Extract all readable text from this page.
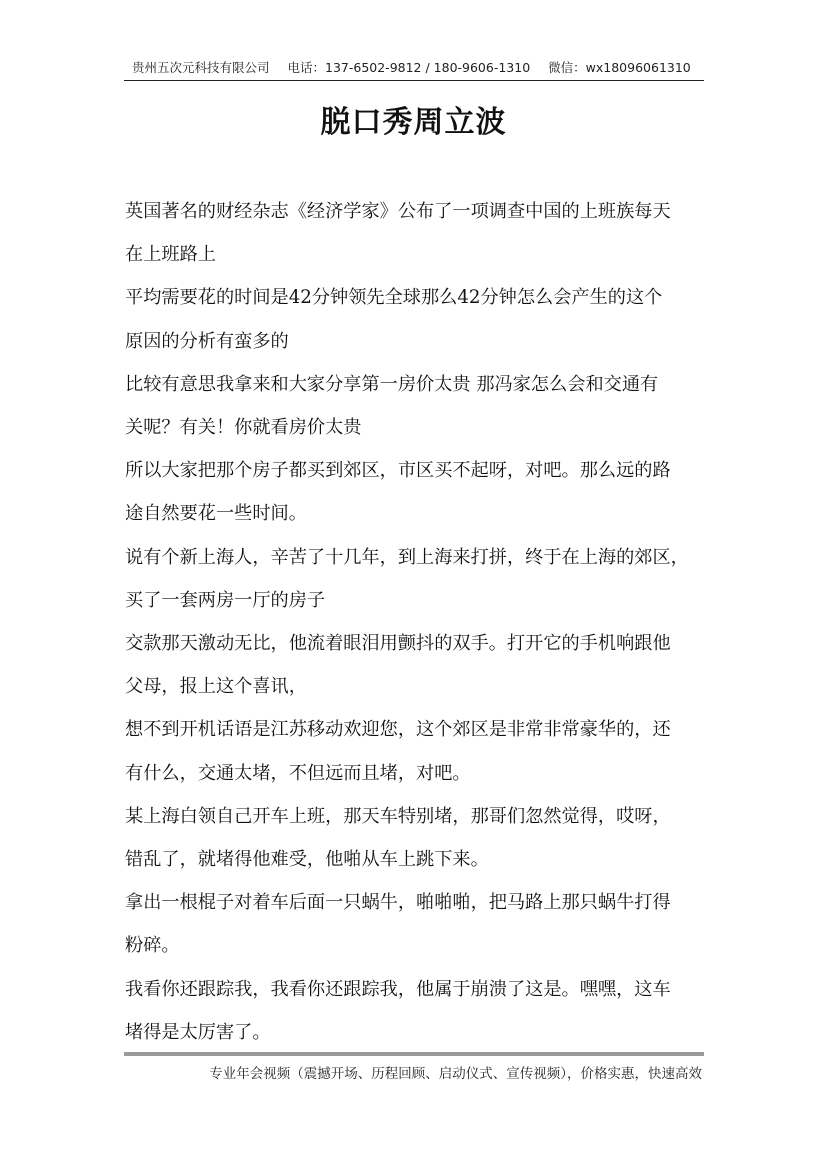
贵州五次元科技有限公司 电话：137-6502-9812 / 180-9606-1310 微信：wx18096061310
脱口秀周立波
英国著名的财经杂志《经济学家》公布了一项调查中国的上班族每天
在上班路上
平均需要花的时间是42分钟领先全球那么42分钟怎么会产生的这个
原因的分析有蛮多的
比较有意思我拿来和大家分享第一房价太贵 那冯家怎么会和交通有
关呢？有关！你就看房价太贵
所以大家把那个房子都买到郊区，市区买不起呀，对吧。那么远的路
途自然要花一些时间。
说有个新上海人，辛苦了十几年，到上海来打拼，终于在上海的郊区，
买了一套两房一厅的房子
交款那天激动无比，他流着眼泪用颤抖的双手。打开它的手机响跟他
父母，报上这个喜讯，
想不到开机话语是江苏移动欢迎您，这个郊区是非常非常豪华的，还
有什么，交通太堵，不但远而且堵，对吧。
某上海白领自己开车上班，那天车特别堵，那哥们忽然觉得，哎呀，
错乱了，就堵得他难受，他啪从车上跳下来。
拿出一根棍子对着车后面一只蜗牛，啪啪啪，把马路上那只蜗牛打得
粉碎。
我看你还跟踪我，我看你还跟踪我，他属于崩溃了这是。嘿嘿，这车
堵得是太厉害了。
专业年会视频（震撼开场、历程回顾、启动仪式、宣传视频），价格实惠，快速高效
